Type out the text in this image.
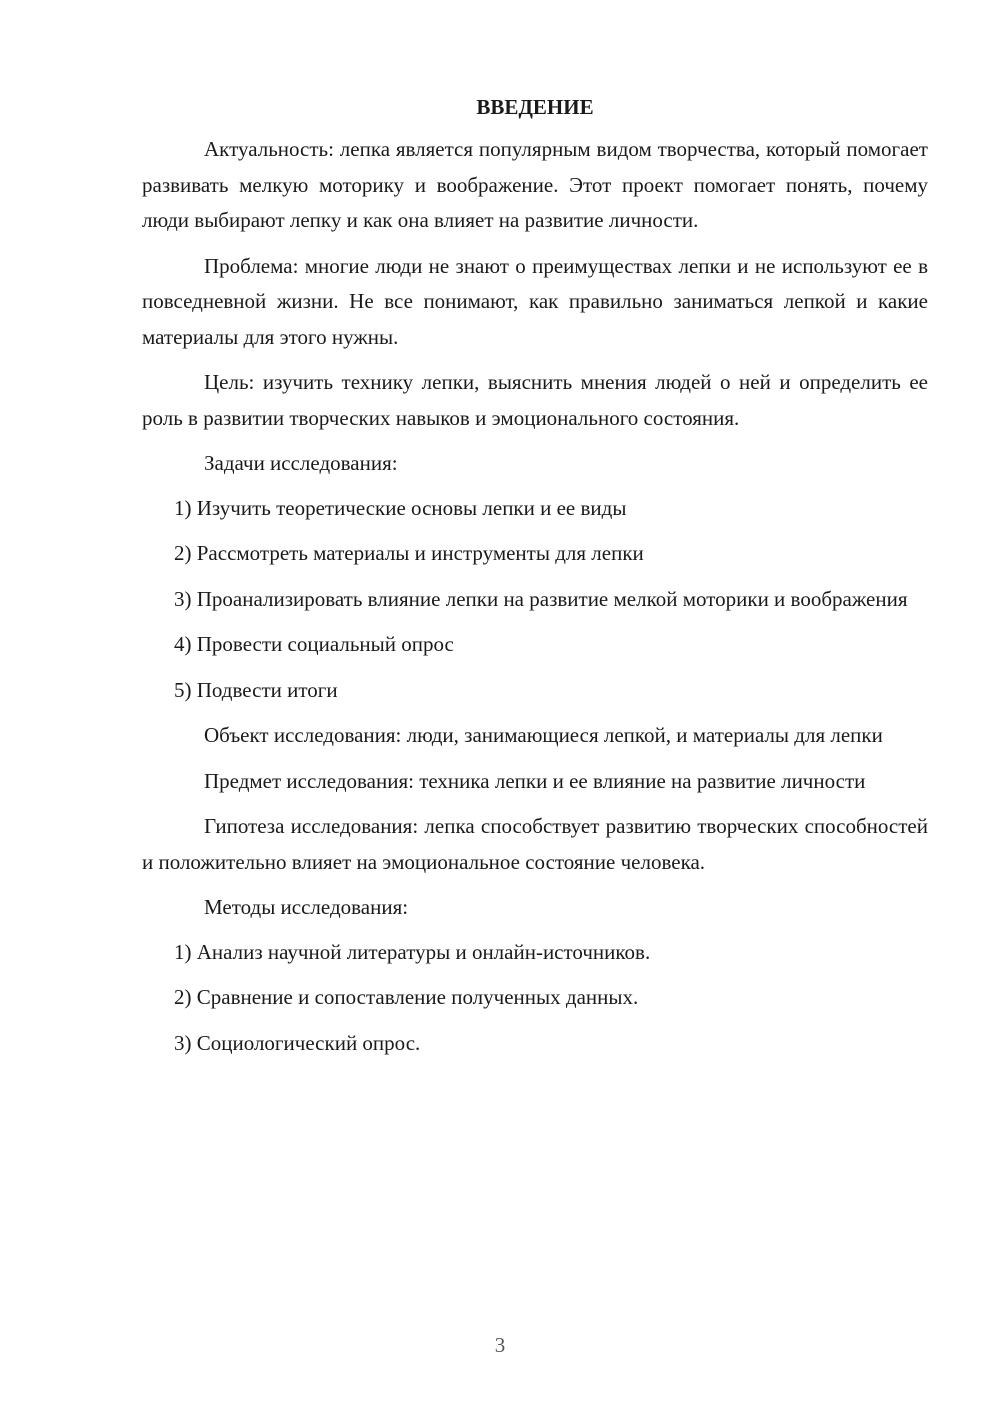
ВВЕДЕНИЕ

Актуальность: лепка является популярным видом творчества, который помогает развивать мелкую моторику и воображение. Этот проект помогает понять, почему люди выбирают лепку и как она влияет на развитие личности.

Проблема: многие люди не знают о преимуществах лепки и не используют ее в повседневной жизни. Не все понимают, как правильно заниматься лепкой и какие материалы для этого нужны.

Цель: изучить технику лепки, выяснить мнения людей о ней и определить ее роль в развитии творческих навыков и эмоционального состояния.

Задачи исследования:

1) Изучить теоретические основы лепки и ее виды

2) Рассмотреть материалы и инструменты для лепки

3) Проанализировать влияние лепки на развитие мелкой моторики и воображения

4) Провести социальный опрос

5) Подвести итоги

Объект исследования: люди, занимающиеся лепкой, и материалы для лепки

Предмет исследования: техника лепки и ее влияние на развитие личности

Гипотеза исследования: лепка способствует развитию творческих способностей и положительно влияет на эмоциональное состояние человека.

Методы исследования:

1) Анализ научной литературы и онлайн-источников.

2) Сравнение и сопоставление полученных данных.

3) Социологический опрос.

3
